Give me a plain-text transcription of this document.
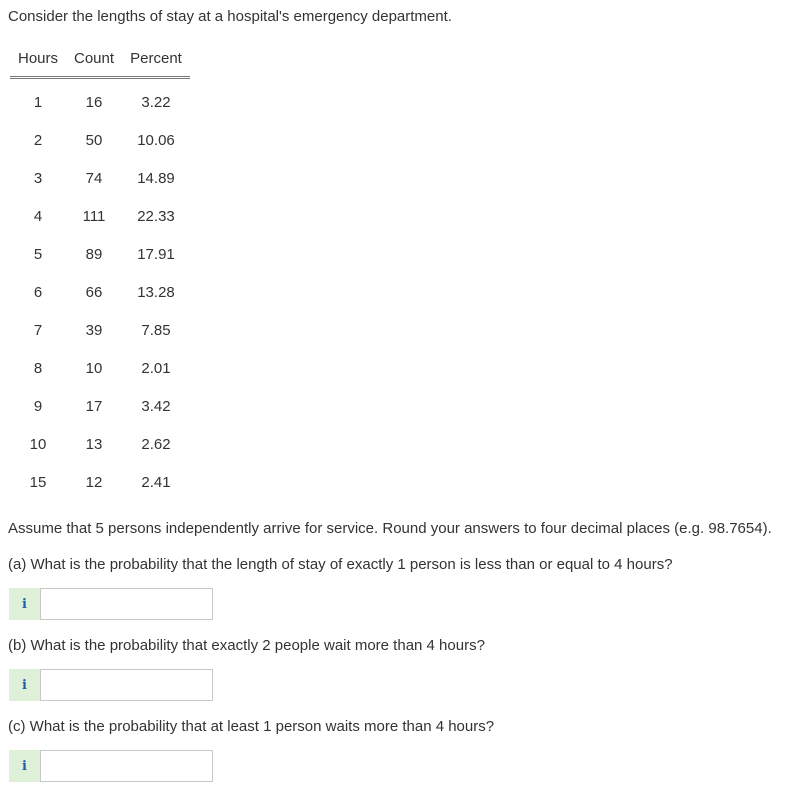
Consider the lengths of stay at a hospital's emergency department.
Hours	Count	Percent
1	16	3.22
2	50	10.06
3	74	14.89
4	111	22.33
5	89	17.91
6	66	13.28
7	39	7.85
8	10	2.01
9	17	3.42
10	13	2.62
15	12	2.41
Assume that 5 persons independently arrive for service. Round your answers to four decimal places (e.g. 98.7654).
(a) What is the probability that the length of stay of exactly 1 person is less than or equal to 4 hours?
i
(b) What is the probability that exactly 2 people wait more than 4 hours?
i
(c) What is the probability that at least 1 person waits more than 4 hours?
i
